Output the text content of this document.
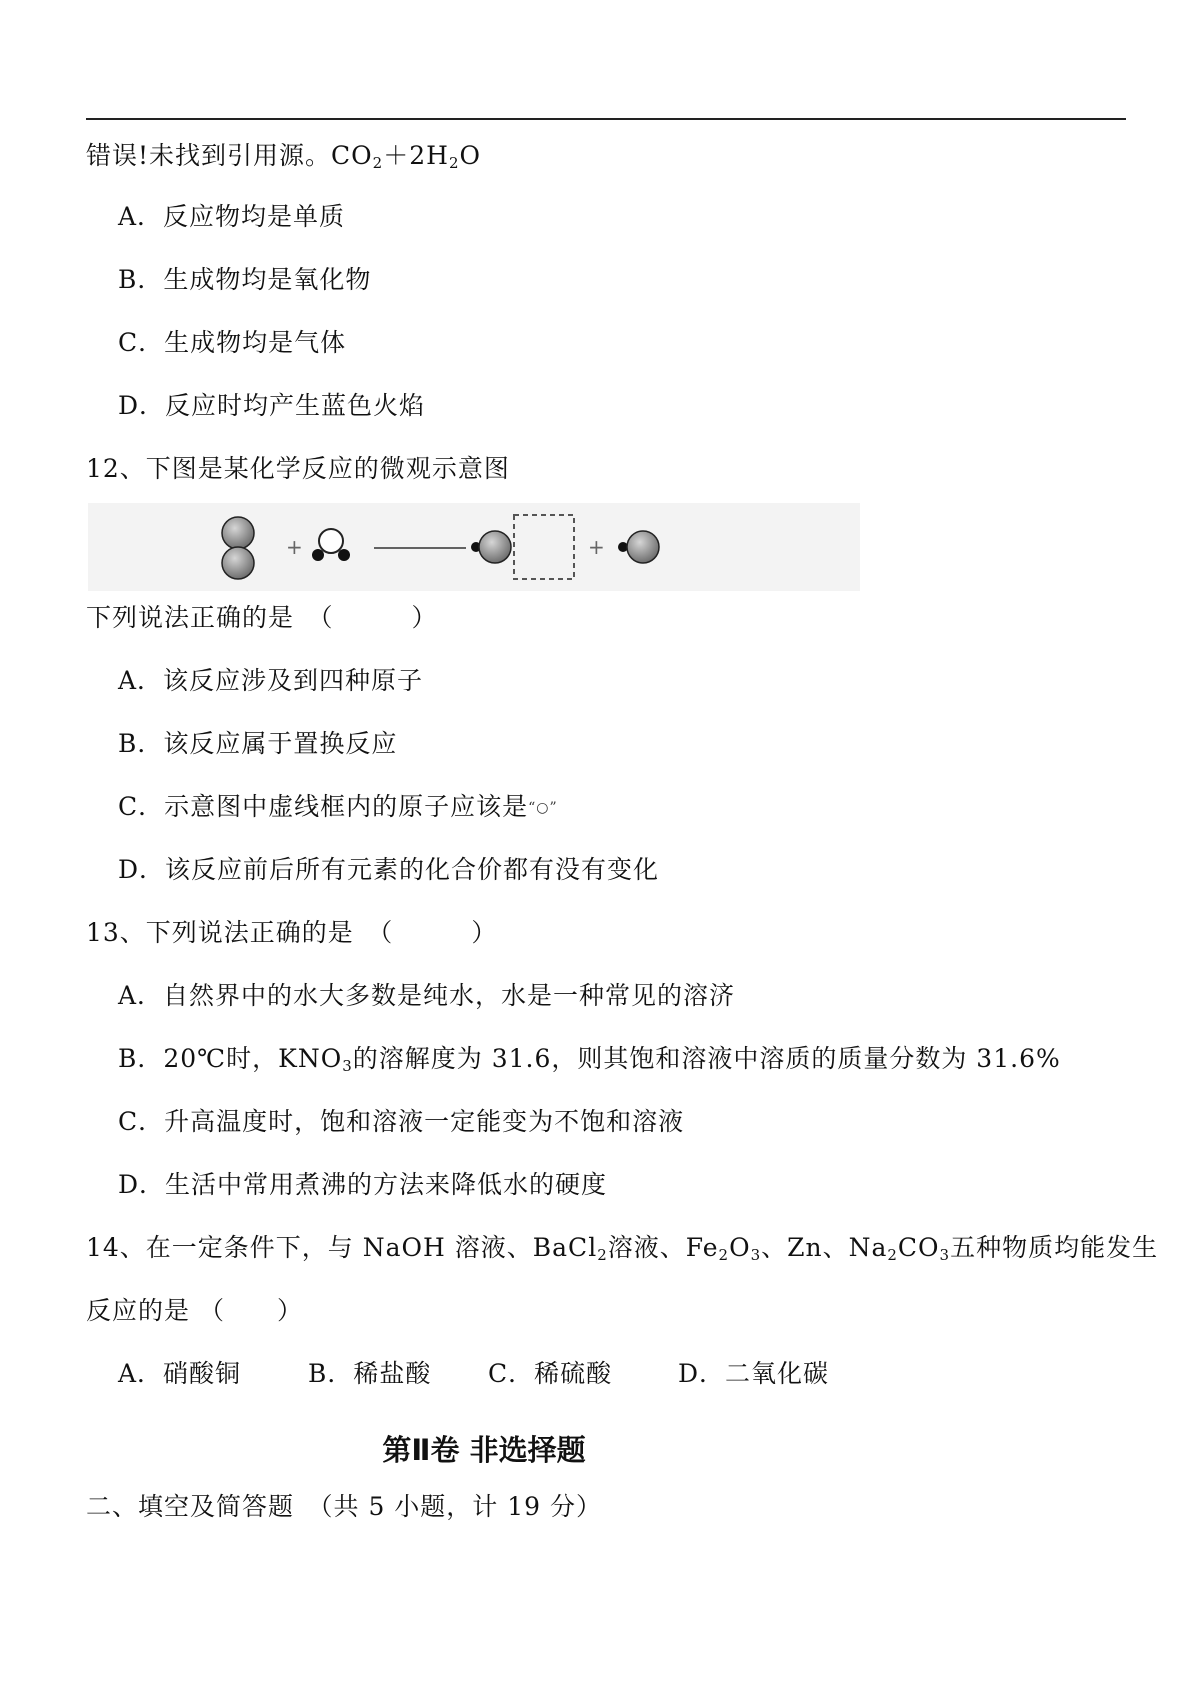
错误!未找到引用源。$CO_2+2H_2O$
A．反应物均是单质
B．生成物均是氧化物
C．生成物均是气体
D．反应时均产生蓝色火焰
12、下图是某化学反应的微观示意图
+	+
下列说法正确的是　（　　　）
A．该反应涉及到四种原子
B．该反应属于置换反应
C．示意图中虚线框内的原子应该是“○”
D．该反应前后所有元素的化合价都有没有变化
13、下列说法正确的是　（　　　）
A．自然界中的水大多数是纯水，水是一种常见的溶济
B．20℃时，$KNO_3$的溶解度为 31.6，则其饱和溶液中溶质的质量分数为 31.6%
C．升高温度时，饱和溶液一定能变为不饱和溶液
D．生活中常用煮沸的方法来降低水的硬度
14、在一定条件下，与 NaOH 溶液、BaCl$_2$溶液、$Fe_2O_3$、Zn、$Na_2CO_3$五种物质均能发生
反应的是 （　　）
A．硝酸铜	B．稀盐酸 C．稀硫酸	D．二氧化碳
第Ⅱ卷 非选择题
二、填空及简答题　（共 5 小题，计 19 分）
